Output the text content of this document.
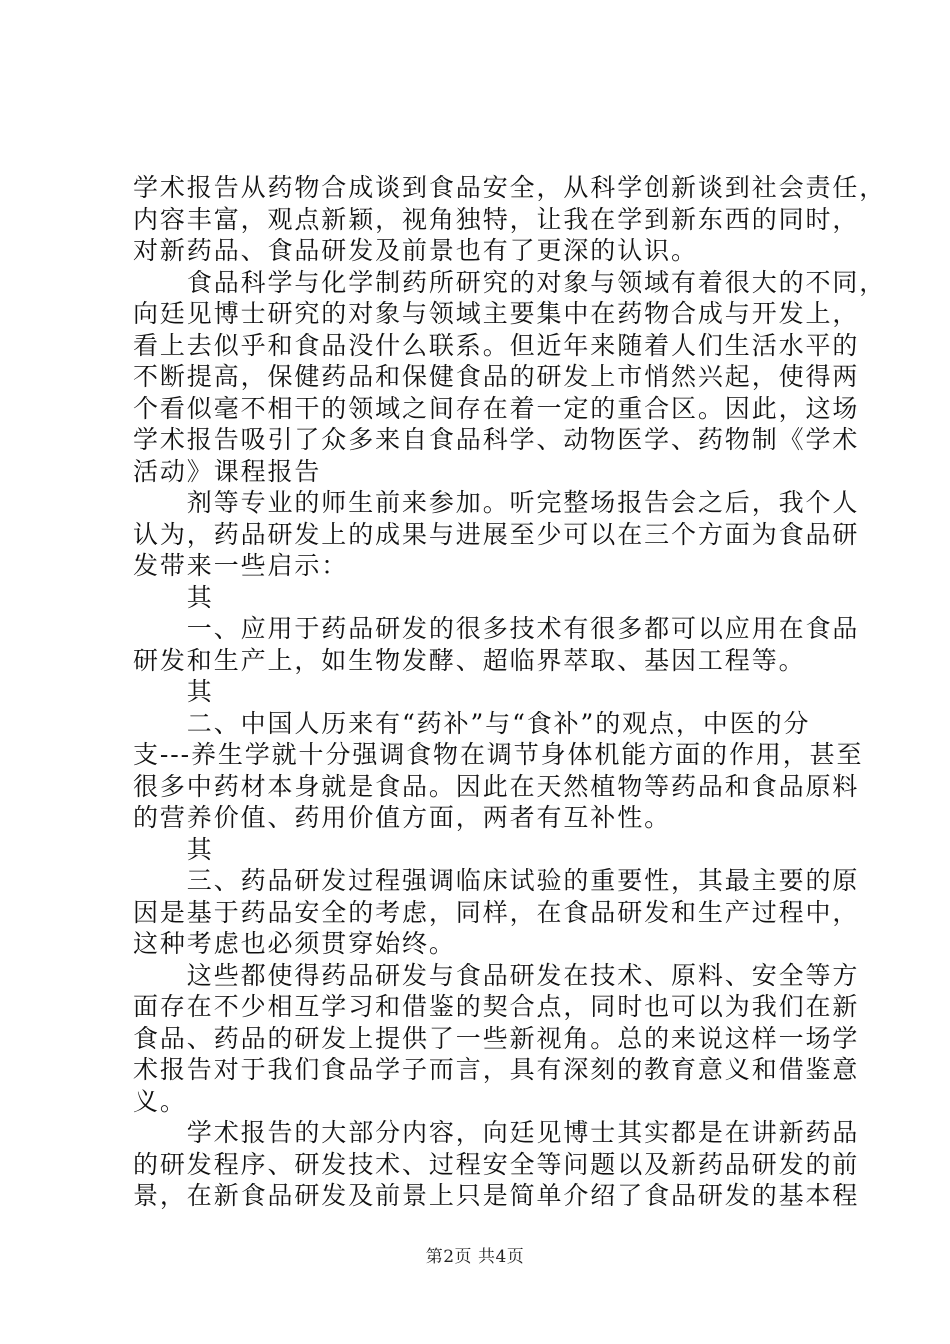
学术报告从药物合成谈到食品安全，从科学创新谈到社会责任，
内容丰富，观点新颖，视角独特，让我在学到新东西的同时，
对新药品、食品研发及前景也有了更深的认识。
　　食品科学与化学制药所研究的对象与领域有着很大的不同，
向廷见博士研究的对象与领域主要集中在药物合成与开发上，
看上去似乎和食品没什么联系。但近年来随着人们生活水平的
不断提高，保健药品和保健食品的研发上市悄然兴起，使得两
个看似毫不相干的领域之间存在着一定的重合区。因此，这场
学术报告吸引了众多来自食品科学、动物医学、药物制《学术
活动》课程报告
　　剂等专业的师生前来参加。听完整场报告会之后，我个人
认为，药品研发上的成果与进展至少可以在三个方面为食品研
发带来一些启示：
　　其
　　一、应用于药品研发的很多技术有很多都可以应用在食品
研发和生产上，如生物发酵、超临界萃取、基因工程等。
　　其
　　二、中国人历来有“药补”与“食补”的观点，中医的分
支---养生学就十分强调食物在调节身体机能方面的作用，甚至
很多中药材本身就是食品。因此在天然植物等药品和食品原料
的营养价值、药用价值方面，两者有互补性。
　　其
　　三、药品研发过程强调临床试验的重要性，其最主要的原
因是基于药品安全的考虑，同样，在食品研发和生产过程中，
这种考虑也必须贯穿始终。
　　这些都使得药品研发与食品研发在技术、原料、安全等方
面存在不少相互学习和借鉴的契合点，同时也可以为我们在新
食品、药品的研发上提供了一些新视角。总的来说这样一场学
术报告对于我们食品学子而言，具有深刻的教育意义和借鉴意
义。
　　学术报告的大部分内容，向廷见博士其实都是在讲新药品
的研发程序、研发技术、过程安全等问题以及新药品研发的前
景，在新食品研发及前景上只是简单介绍了食品研发的基本程
第2页 共4页
